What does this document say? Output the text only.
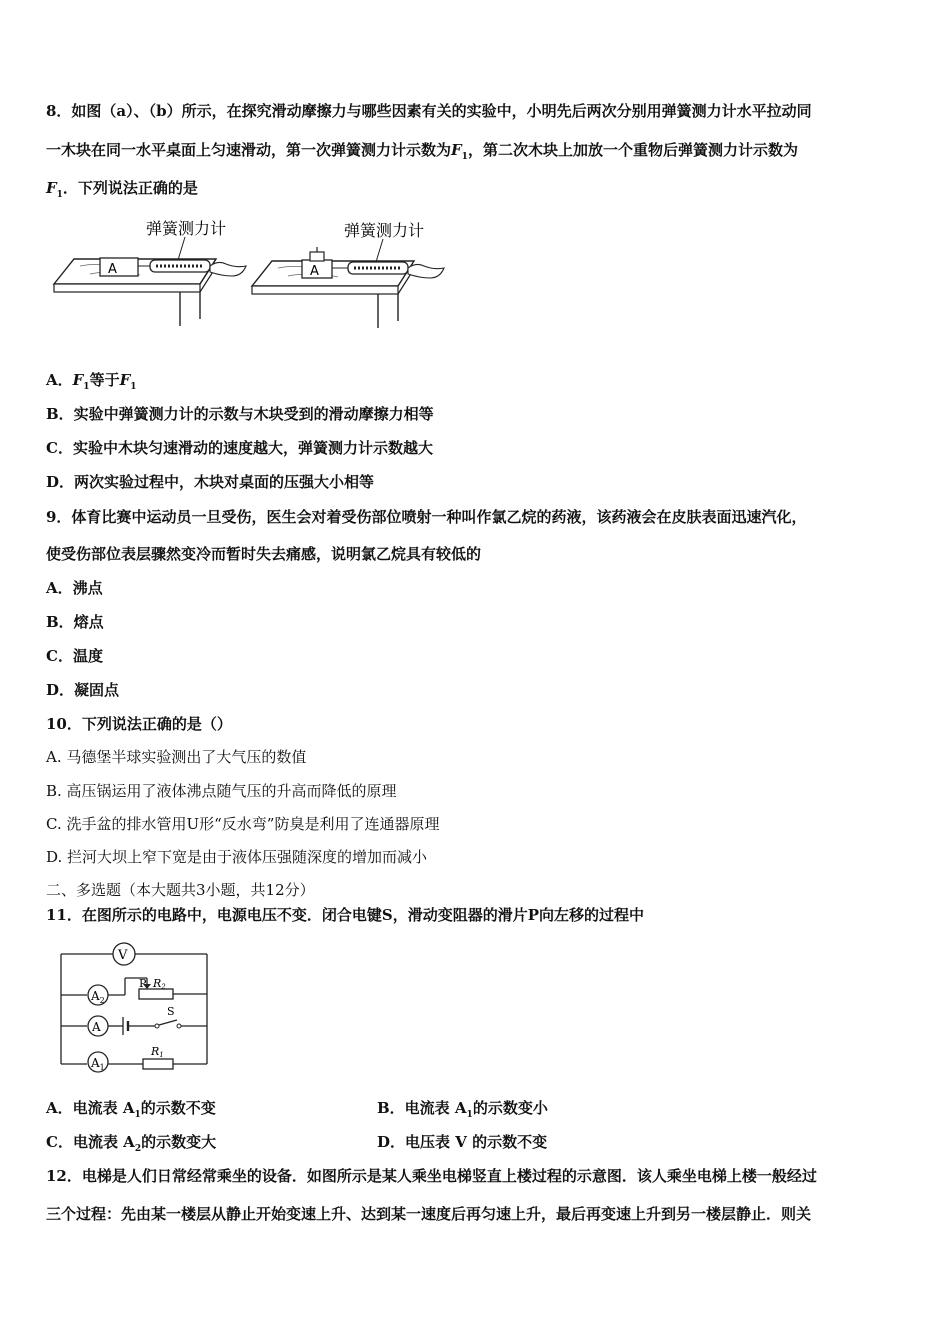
8．如图（a）、（b）所示，在探究滑动摩擦力与哪些因素有关的实验中，小明先后两次分别用弹簧测力计水平拉动同
一木块在同一水平桌面上匀速滑动，第一次弹簧测力计示数为$F_1$，第二次木块上加放一个重物后弹簧测力计示数为
$F_1$．下列说法正确的是
弹簧测力计
A
弹簧测力计
A
A．$F_1$等于$F_1$
B．实验中弹簧测力计的示数与木块受到的滑动摩擦力相等
C．实验中木块匀速滑动的速度越大，弹簧测力计示数越大
D．两次实验过程中，木块对桌面的压强大小相等
9．体育比赛中运动员一旦受伤，医生会对着受伤部位喷射一种叫作氯乙烷的药液，该药液会在皮肤表面迅速汽化，
使受伤部位表层骤然变冷而暂时失去痛感，说明氯乙烷具有较低的
A．沸点
B．熔点
C．温度
D．凝固点
10．下列说法正确的是（）
A. 马德堡半球实验测出了大气压的数值
B. 高压锅运用了液体沸点随气压的升高而降低的原理
C. 洗手盆的排水管用U形“反水弯”防臭是利用了连通器原理
D. 拦河大坝上窄下宽是由于液体压强随深度的增加而减小
二、多选题（本大题共3小题，共12分）
11．在图所示的电路中，电源电压不变．闭合电键S，滑动变阻器的滑片P向左移的过程中
V
$A_2$
P R2
A
S
$A_1$
R1
A．电流表 $A_1$的示数不变	B．电流表 $A_1$的示数变小
C．电流表 $A_2$的示数变大	D．电压表 V 的示数不变
12．电梯是人们日常经常乘坐的设备．如图所示是某人乘坐电梯竖直上楼过程的示意图．该人乘坐电梯上楼一般经过
三个过程：先由某一楼层从静止开始变速上升、达到某一速度后再匀速上升，最后再变速上升到另一楼层静止．则关
